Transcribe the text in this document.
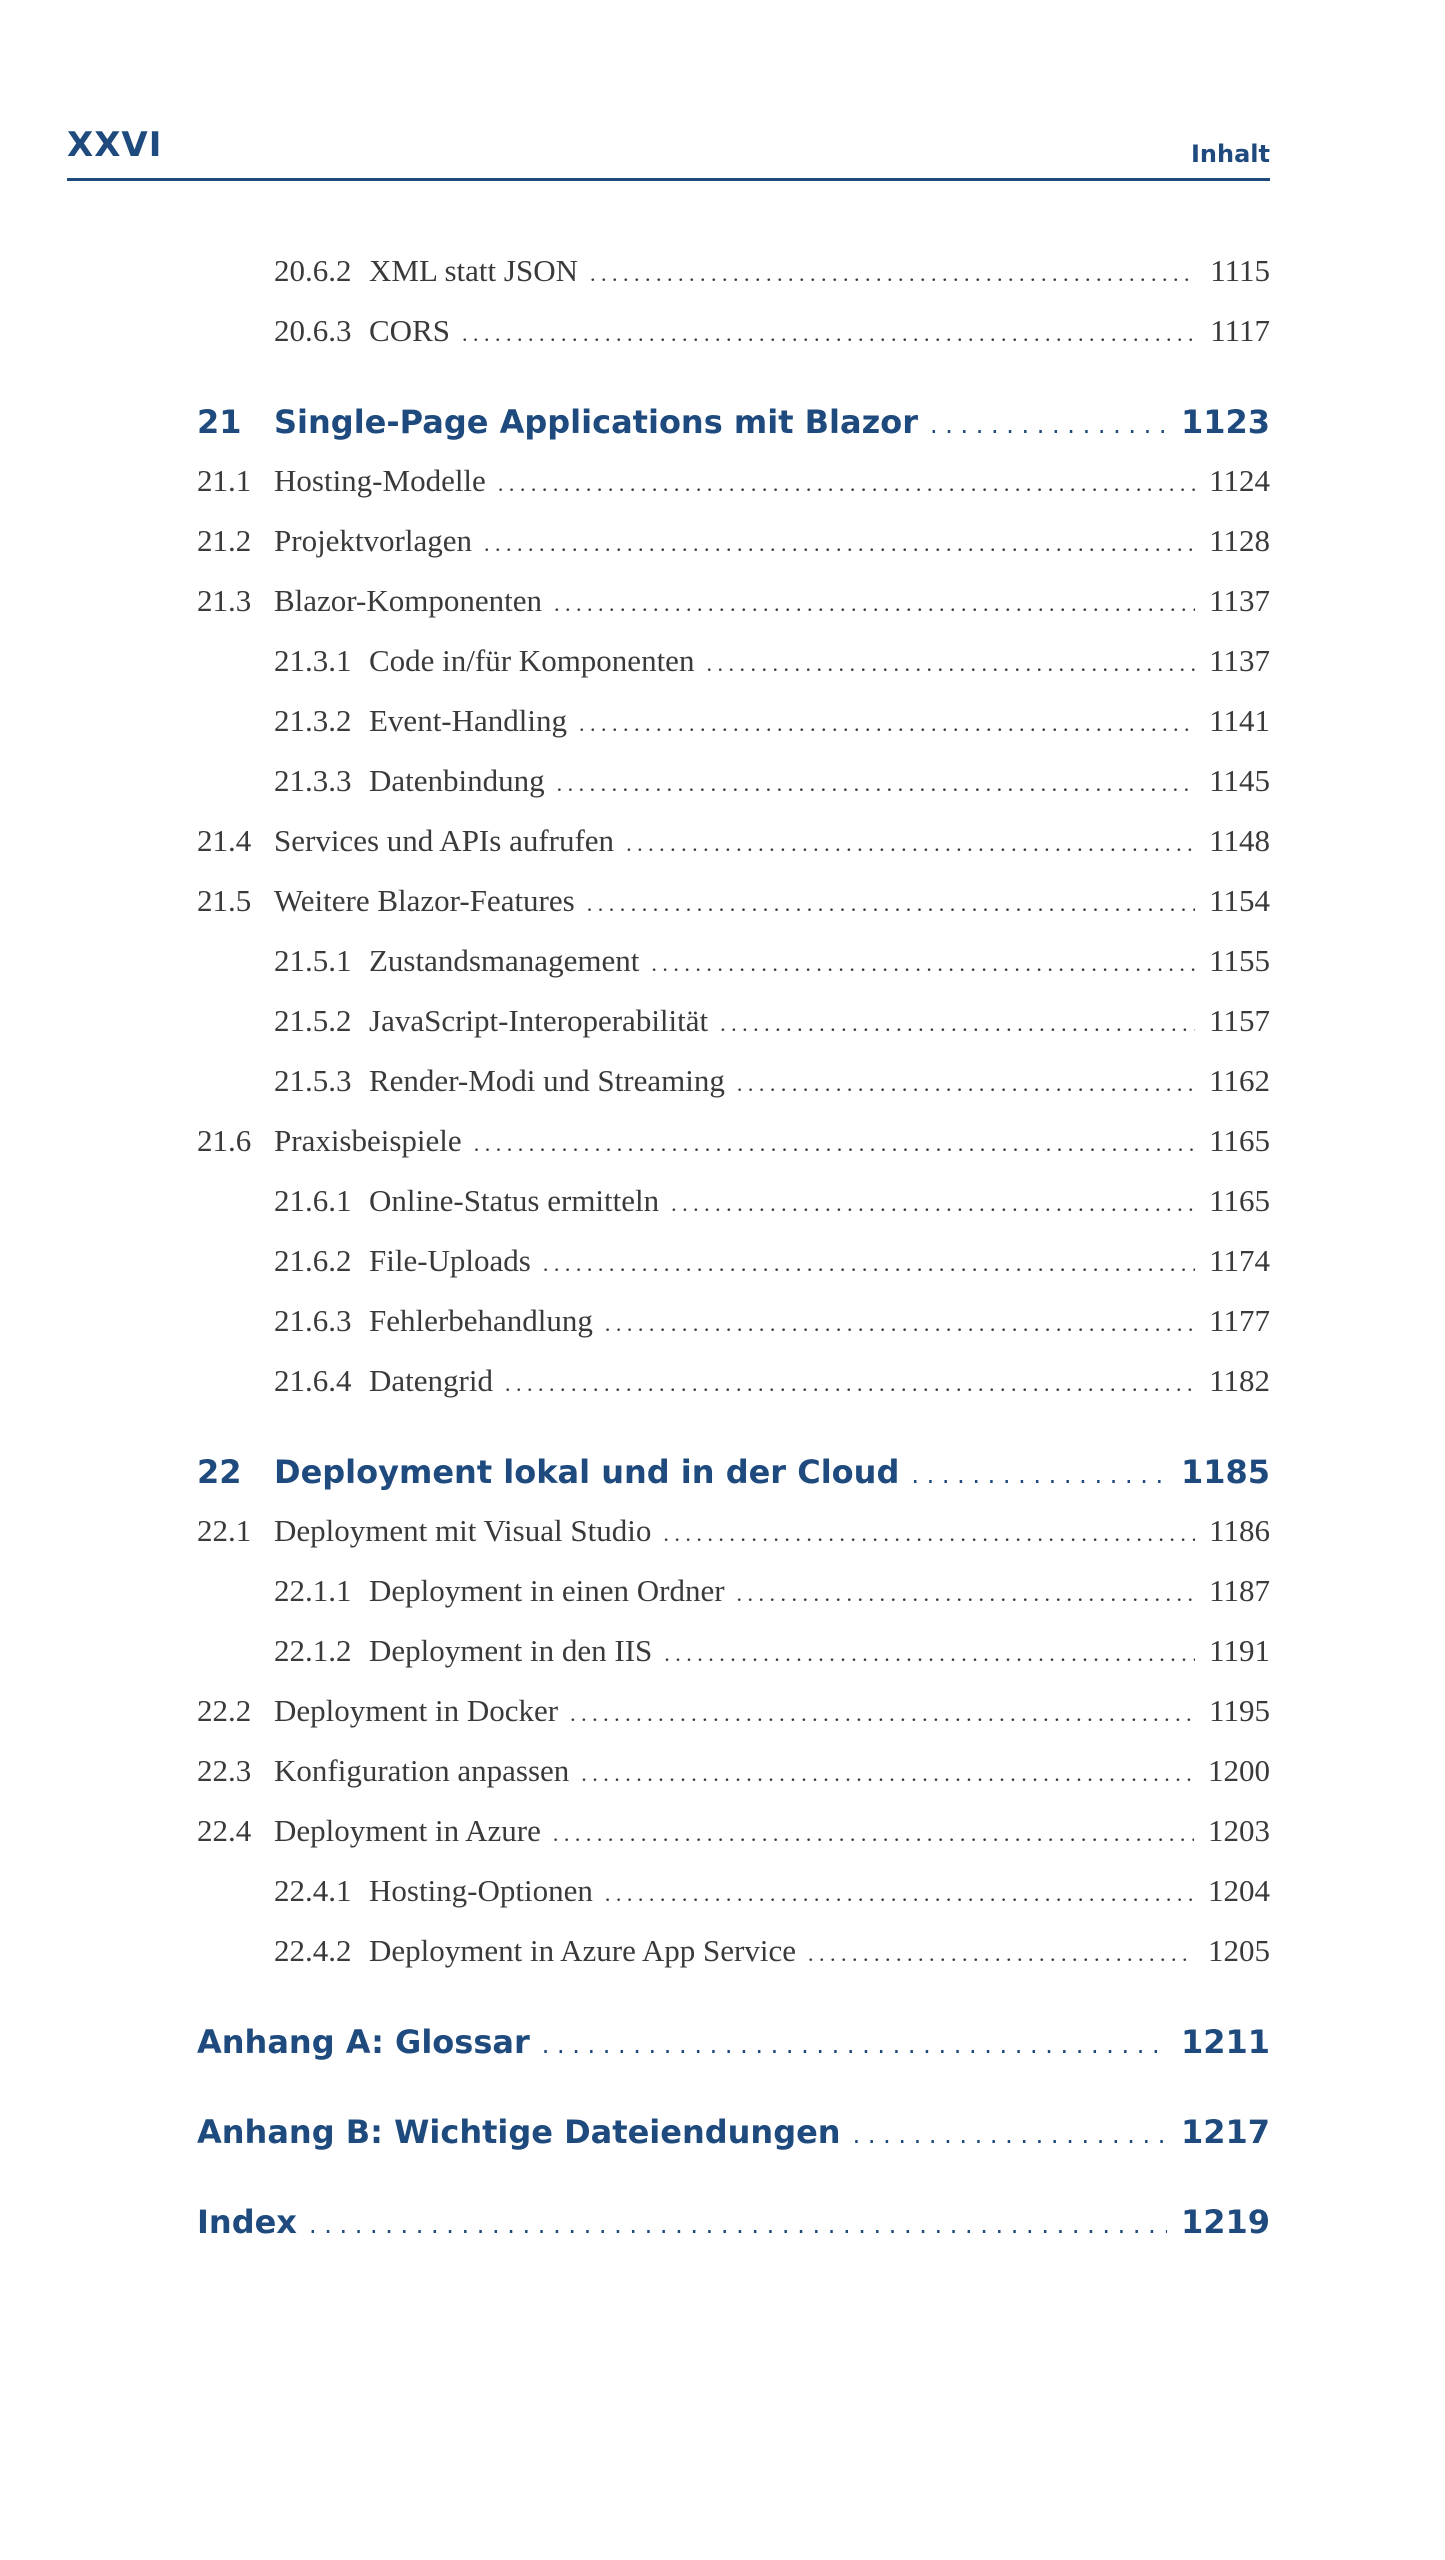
XXVI	Inhalt
20.6.2 XML statt JSON . . .	1115
20.6.3 CORS . . .	1117
21 Single-Page Applications mit Blazor . . .	1123
21.1 Hosting-Modelle . . .	1124
21.2 Projektvorlagen . . .	1128
21.3 Blazor-Komponenten . . .	1137
21.3.1 Code in/für Komponenten . . .	1137
21.3.2 Event-Handling . . .	1141
21.3.3 Datenbindung . . .	1145
21.4 Services und APIs aufrufen . . .	1148
21.5 Weitere Blazor-Features . . .	1154
21.5.1 Zustandsmanagement . . .	1155
21.5.2 JavaScript-Interoperabilität . . .	1157
21.5.3 Render-Modi und Streaming . . .	1162
21.6 Praxisbeispiele . . .	1165
21.6.1 Online-Status ermitteln . . .	1165
21.6.2 File-Uploads . . .	1174
21.6.3 Fehlerbehandlung . . .	1177
21.6.4 Datengrid . . .	1182
22 Deployment lokal und in der Cloud . . .	1185
22.1 Deployment mit Visual Studio . . .	1186
22.1.1 Deployment in einen Ordner . . .	1187
22.1.2 Deployment in den IIS . . .	1191
22.2 Deployment in Docker . . .	1195
22.3 Konfiguration anpassen . . .	1200
22.4 Deployment in Azure . . .	1203
22.4.1 Hosting-Optionen . . .	1204
22.4.2 Deployment in Azure App Service . . .	1205
Anhang A: Glossar . . .	1211
Anhang B: Wichtige Dateiendungen . . .	1217
Index . . .	1219
